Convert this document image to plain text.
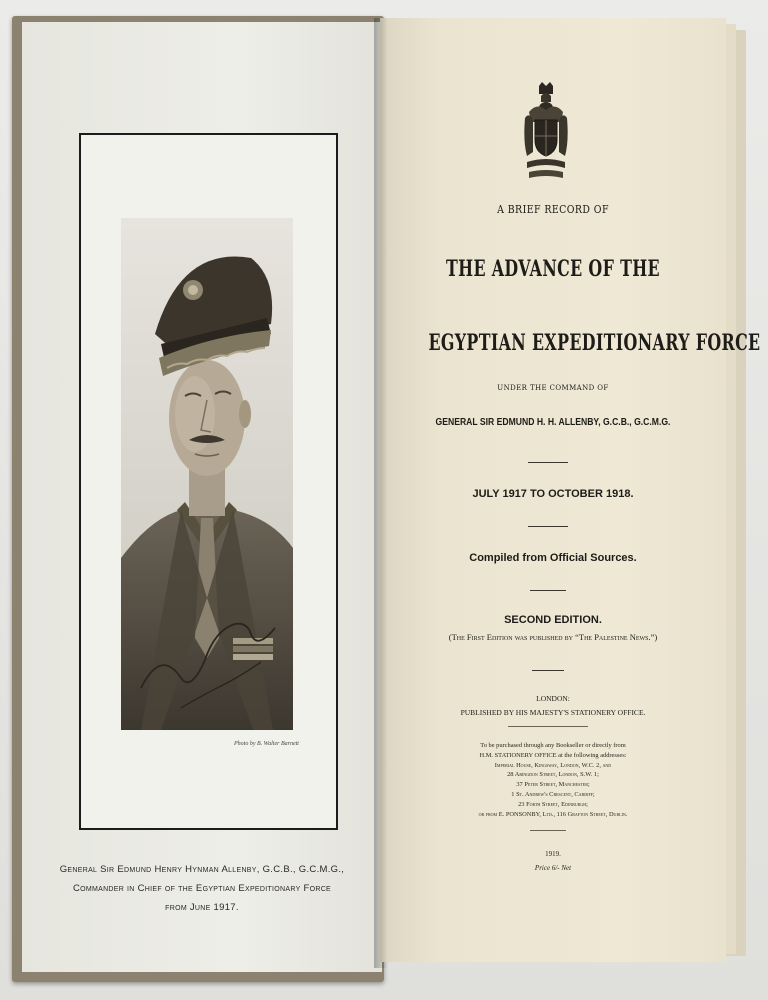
Photo by B. Walter Barnett
General Sir Edmund Henry Hynman Allenby, G.C.B., G.C.M.G.,
Commander in Chief of the Egyptian Expeditionary Force
from June 1917.
A BRIEF RECORD OF
THE ADVANCE OF THE
EGYPTIAN EXPEDITIONARY FORCE
UNDER THE COMMAND OF
GENERAL SIR EDMUND H. H. ALLENBY, G.C.B., G.C.M.G.
JULY 1917 TO OCTOBER 1918.
Compiled from Official Sources.
SECOND EDITION.
(The First Edition was published by “The Palestine News.”)
LONDON:
PUBLISHED BY HIS MAJESTY'S STATIONERY OFFICE.
To be purchased through any Bookseller or directly from
H.M. STATIONERY OFFICE at the following addresses:
Imperial House, Kingsway, London, W.C. 2, and
28 Abingdon Street, London, S.W. 1;
37 Peter Street, Manchester;
1 St. Andrew's Crescent, Cardiff;
23 Forth Street, Edinburgh;
or from E. PONSONBY, Ltd., 116 Grafton Street, Dublin.
1919.
Price 6/- Net
